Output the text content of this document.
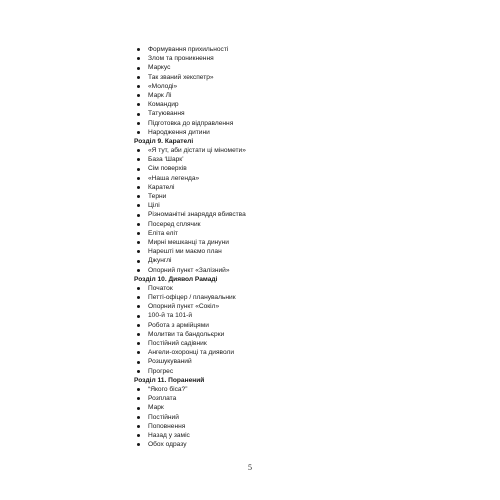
Формування прихильності
Злом та проникнення
Маркус
Так званий хекспетр»
«Молоді»
Марк Лі
Командир
Татуювання
Підготовка до відправлення
Народження дитини
Розділ 9. Карателі
«Я тут, аби дістати ці міномети»
База ‘Шарк’
Сім поверхів
«Наша легенда»
Карателі
Терни
Цілі
Різноманітні знаряддя вбивства
Посеред сплячик
Еліта еліт
Мирні мешканці та динуни
Нарешті ми маємо план
Джунглі
Опорний пункт «Залізний»
Розділ 10. Диявол Рамаді
Початок
Петті-офіцер / планувальник
Опорний пункт «Сокіл»
100-й та 101-й
Робота з армійцями
Молитви та бандольєрки
Постійний садівник
Ангели-охоронці та дияволи
Розшукуваний
Прогрес
Розділ 11. Поранений
“Якого біса?”
Розплата
Марк
Постійний
Поповнення
Назад у заміс
Обох одразу
5
